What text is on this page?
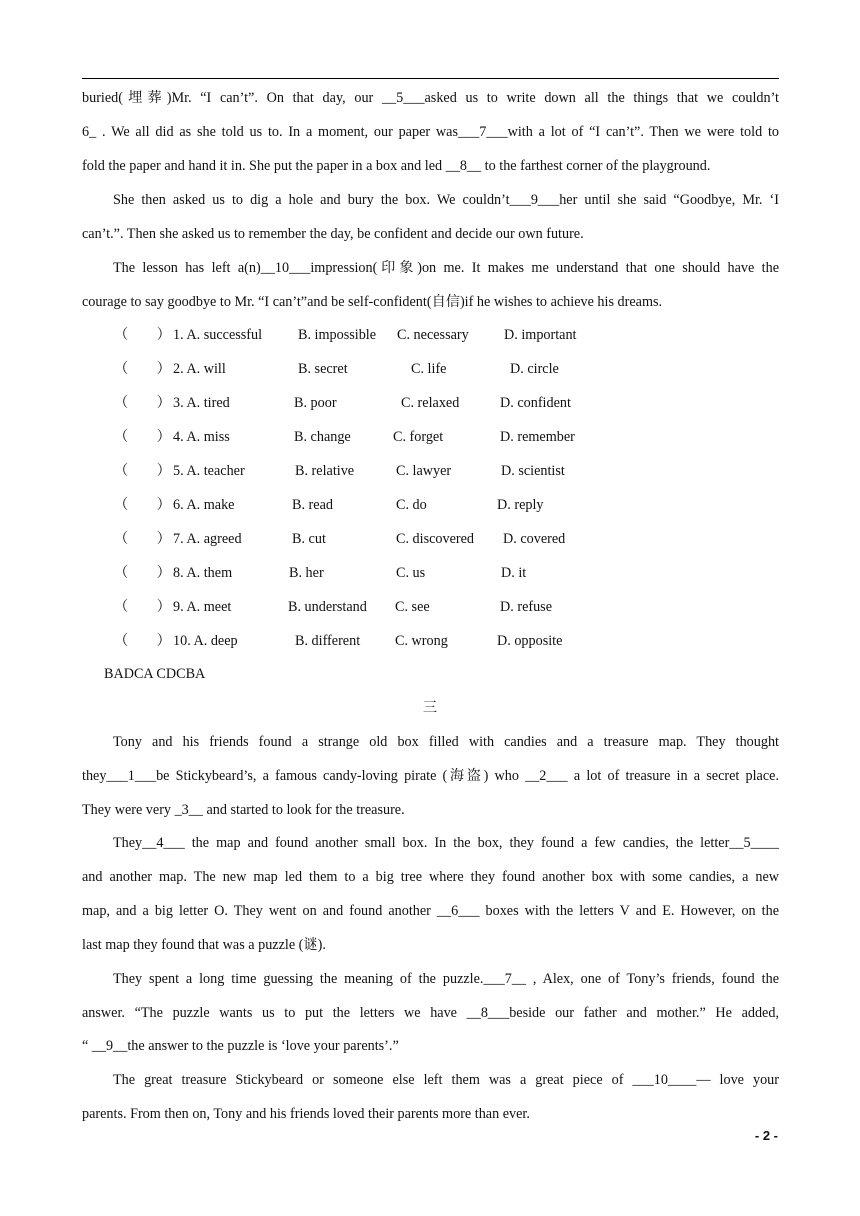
buried(埋葬)Mr. “I can’t”. On that day, our __5___asked us to write down all the things that we couldn’t
6_ . We all did as she told us to. In a moment, our paper was___7___with a lot of “I can’t”. Then we were told to
fold the paper and hand it in. She put the paper in a box and led __8__ to the farthest corner of the playground.
She then asked us to dig a hole and bury the box. We couldn’t___9___her until she said “Goodbye, Mr. ‘I
can’t.”. Then she asked us to remember the day, be confident and decide our own future.
The lesson has left a(n)__10___impression(印象)on me. It makes me understand that one should have the
courage to say goodbye to Mr. “I can’t”and be self-confident(自信)if he wishes to achieve his dreams.
（　　） 1. A. successful	B. impossible C. necessary D. important
（　　） 2. A. will	B. secret	C. life	D. circle
（　　） 3. A. tired	B. poor	C. relaxed	D. confident
（　　） 4. A. miss	B. change	C. forget	D. remember
（　　） 5. A. teacher	B. relative	C. lawyer	D. scientist
（　　） 6. A. make	B. read	C. do	D. reply
（　　） 7. A. agreed	B. cut	C. discovered D. covered
（　　） 8. A. them	B. her	C. us	D. it
（　　） 9. A. meet	B. understand C. see	D. refuse
（　　） 10. A. deep	B. different C. wrong	D. opposite
BADCA CDCBA
三
Tony and his friends found a strange old box filled with candies and a treasure map. They thought
they___1___be Stickybeard’s, a famous candy-loving pirate (海盗) who __2___ a lot of treasure in a secret place.
They were very _3__ and started to look for the treasure.
They__4___ the map and found another small box. In the box, they found a few candies, the letter__5____
and another map. The new map led them to a big tree where they found another box with some candies, a new
map, and a big letter O. They went on and found another __6___ boxes with the letters V and E. However, on the
last map they found that was a puzzle (谜).
They spent a long time guessing the meaning of the puzzle.___7__ , Alex, one of Tony’s friends, found the
answer. “The puzzle wants us to put the letters we have __8___beside our father and mother.” He added,
“ __9__the answer to the puzzle is ‘love your parents’.”
The great treasure Stickybeard or someone else left them was a great piece of ___10____— love your
parents. From then on, Tony and his friends loved their parents more than ever.
- 2 -
